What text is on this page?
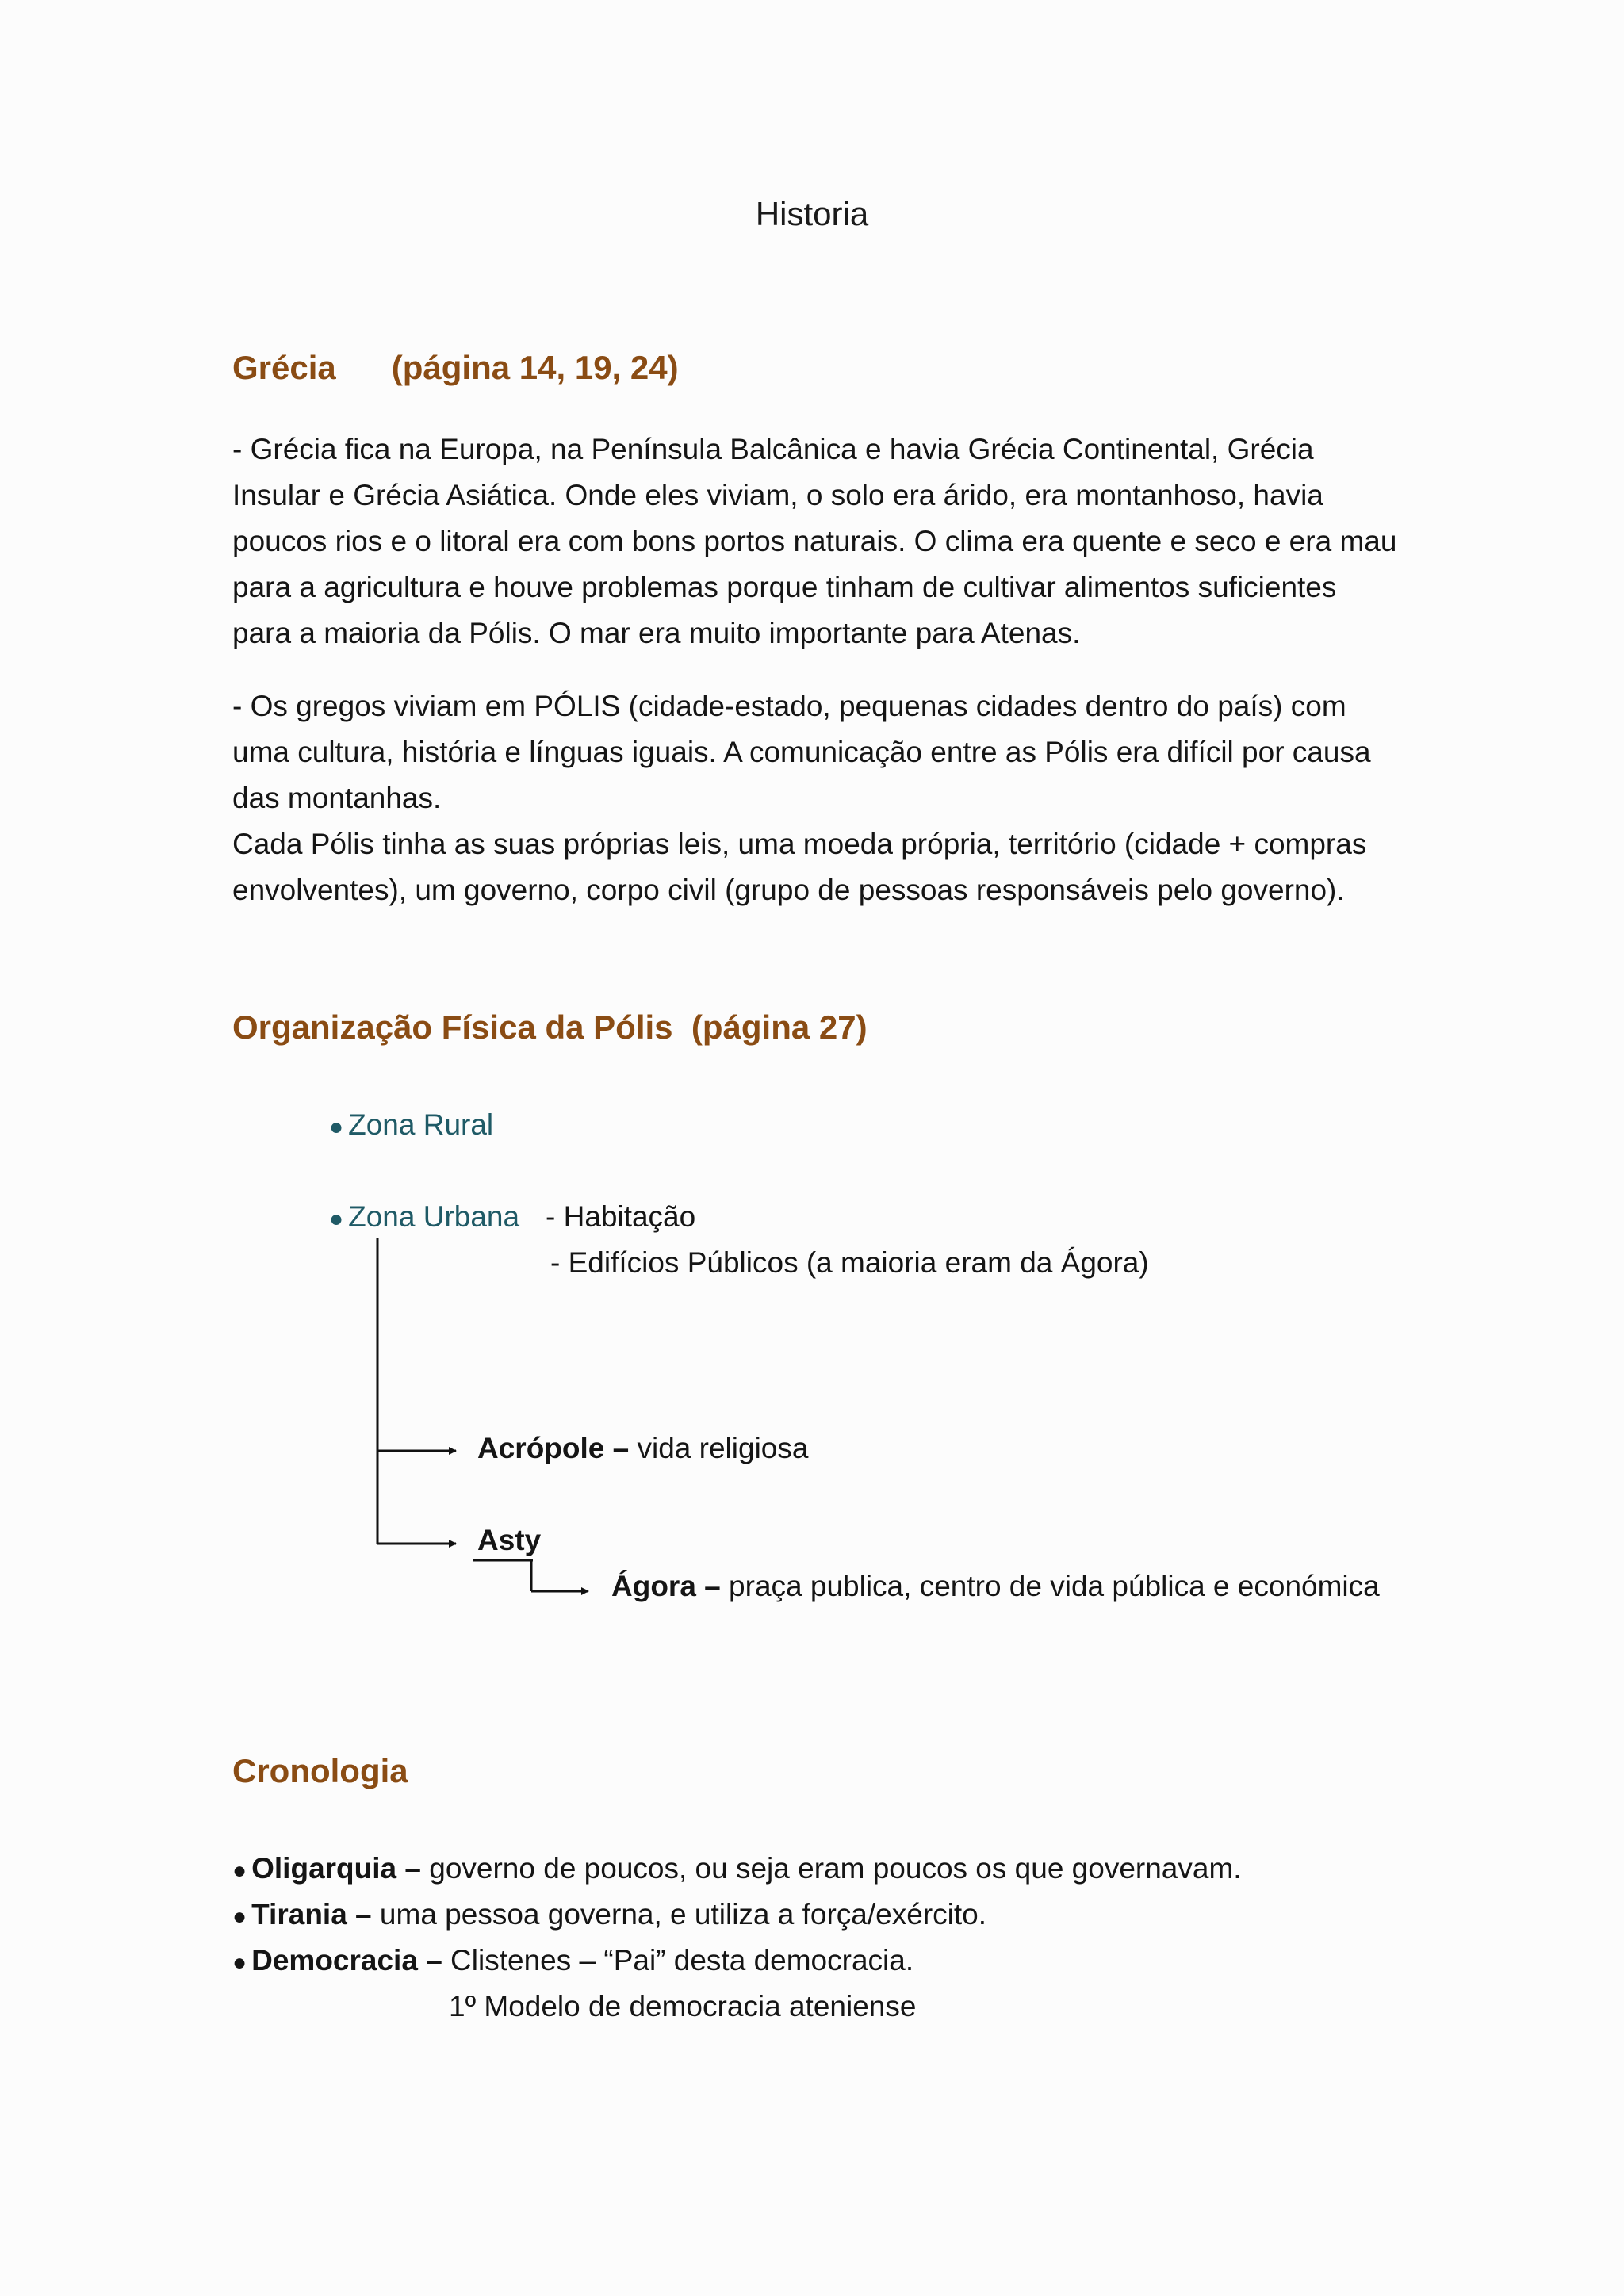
Historia
Grécia      (página 14, 19, 24)

- Grécia fica na Europa, na Península Balcânica e havia Grécia Continental, Grécia Insular e Grécia Asiática. Onde eles viviam, o solo era árido, era montanhoso, havia poucos rios e o litoral era com bons portos naturais. O clima era quente e seco e era mau para a agricultura e houve problemas porque tinham de cultivar alimentos suficientes para a maioria da Pólis. O mar era muito importante para Atenas.

- Os gregos viviam em PÓLIS (cidade-estado, pequenas cidades dentro do país) com uma cultura, história e línguas iguais. A comunicação entre as Pólis era difícil por causa das montanhas.

Cada Pólis tinha as suas próprias leis, uma moeda própria, território (cidade + compras envolventes), um governo, corpo civil (grupo de pessoas responsáveis pelo governo).

Organização Física da Pólis  (página 27)
● Zona Rural
● Zona Urbana - Habitação
- Edifícios Públicos (a maioria eram da Ágora)
Acrópole – vida religiosa
Asty
Ágora – praça publica, centro de vida pública e económica
Cronologia
● Oligarquia – governo de poucos, ou seja eram poucos os que governavam.
● Tirania – uma pessoa governa, e utiliza a força/exército.
● Democracia – Clistenes – “Pai” desta democracia.
1º Modelo de democracia ateniense
